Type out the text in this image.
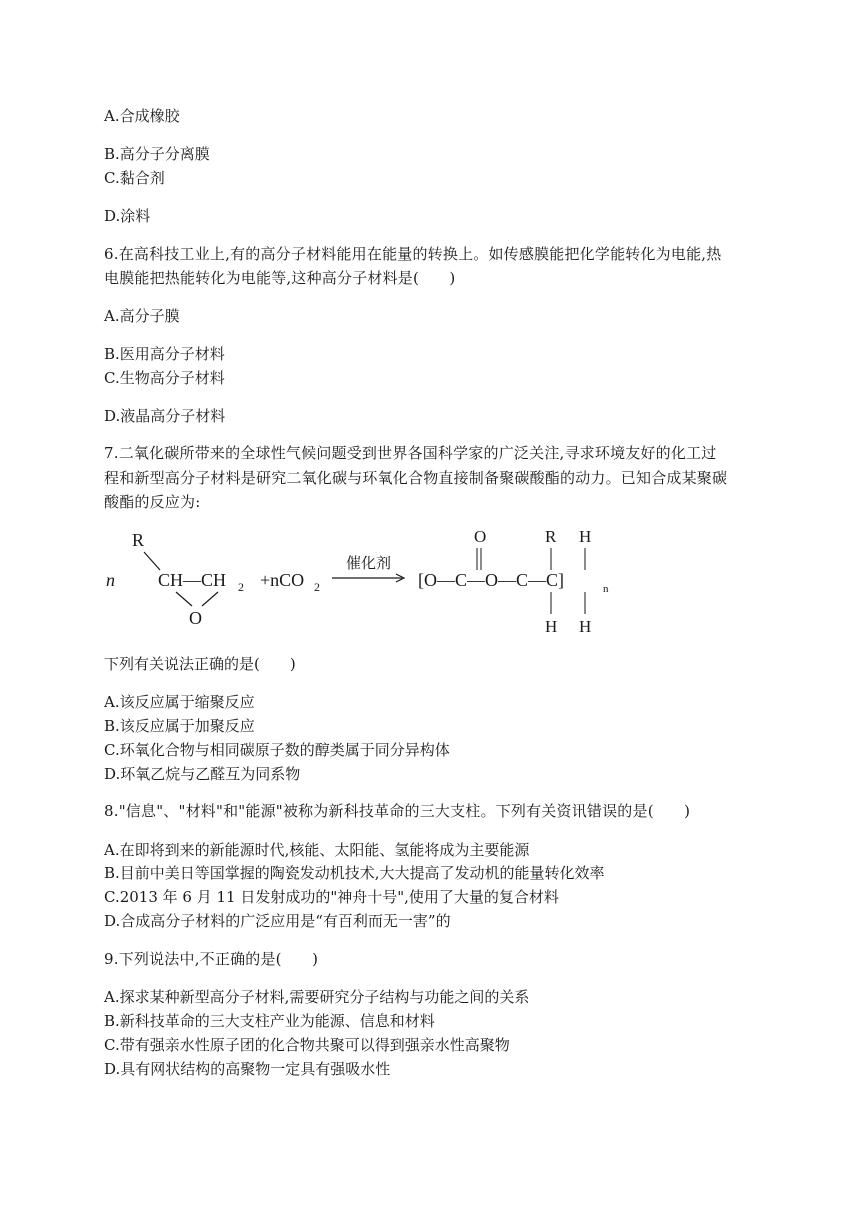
A.合成橡胶
B.高分子分离膜
C.黏合剂
D.涂料
6.在高科技工业上,有的高分子材料能用在能量的转换上。如传感膜能把化学能转化为电能,热
电膜能把热能转化为电能等,这种高分子材料是(　　)
A.高分子膜
B.医用高分子材料
C.生物高分子材料
D.液晶高分子材料
7.二氧化碳所带来的全球性气候问题受到世界各国科学家的广泛关注,寻求环境友好的化工过
程和新型高分子材料是研究二氧化碳与环氧化合物直接制备聚碳酸酯的动力。已知合成某聚碳
酸酯的反应为:
n
R
CH—CH 2
O
+nCO 2
催化剂
[O—C—O—C—C]
O	R H
H H
n
下列有关说法正确的是(　　)
A.该反应属于缩聚反应
B.该反应属于加聚反应
C.环氧化合物与相同碳原子数的醇类属于同分异构体
D.环氧乙烷与乙醛互为同系物
8."信息"、"材料"和"能源"被称为新科技革命的三大支柱。下列有关资讯错误的是(　　)
A.在即将到来的新能源时代,核能、太阳能、氢能将成为主要能源
B.目前中美日等国掌握的陶瓷发动机技术,大大提高了发动机的能量转化效率
C.2013 年 6 月 11 日发射成功的"神舟十号",使用了大量的复合材料
D.合成高分子材料的广泛应用是“有百利而无一害”的
9.下列说法中,不正确的是(　　)
A.探求某种新型高分子材料,需要研究分子结构与功能之间的关系
B.新科技革命的三大支柱产业为能源、信息和材料
C.带有强亲水性原子团的化合物共聚可以得到强亲水性高聚物
D.具有网状结构的高聚物一定具有强吸水性
